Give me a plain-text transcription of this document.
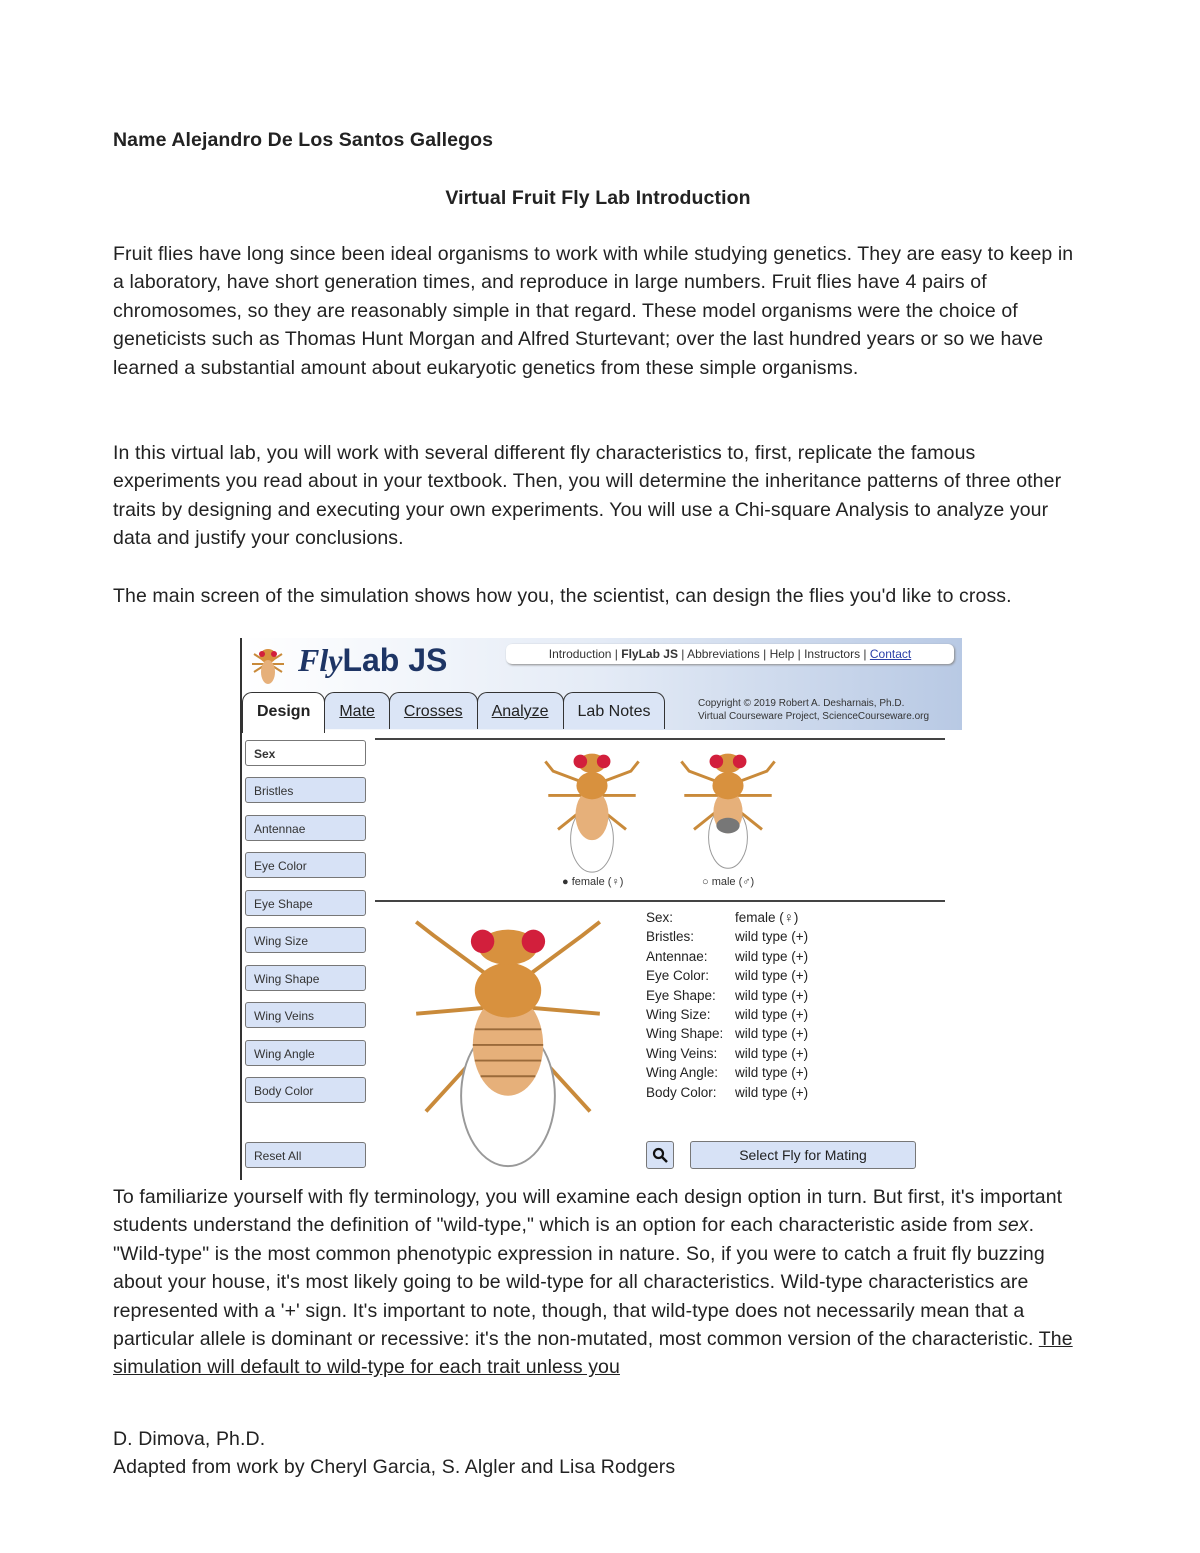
Name Alejandro De Los Santos Gallegos
Virtual Fruit Fly Lab Introduction
Fruit flies have long since been ideal organisms to work with while studying genetics. They are easy to keep in a laboratory, have short generation times, and reproduce in large numbers. Fruit flies have 4 pairs of chromosomes, so they are reasonably simple in that regard. These model organisms were the choice of geneticists such as Thomas Hunt Morgan and Alfred Sturtevant; over the last hundred years or so we have learned a substantial amount about eukaryotic genetics from these simple organisms.
In this virtual lab, you will work with several different fly characteristics to, first, replicate the famous experiments you read about in your textbook. Then, you will determine the inheritance patterns of three other traits by designing and executing your own experiments. You will use a Chi-square Analysis to analyze your data and justify your conclusions.
The main screen of the simulation shows how you, the scientist, can design the flies you'd like to cross.
FlyLab JS	Introduction | FlyLab JS | Abbreviations | Help | Instructors | Contact
Design	Mate	Crosses	Analyze	Lab Notes	Copyright © 2019 Robert A. Desharnais, Ph.D.
Virtual Courseware Project, ScienceCourseware.org
Sex
Bristles
Antennae
Eye Color
Eye Shape
Wing Size
Wing Shape
Wing Veins
Wing Angle
Body Color
Reset All
● female (♀)	○ male (♂)
Sex:	female (♀)
Bristles:	wild type (+)
Antennae:	wild type (+)
Eye Color:	wild type (+)
Eye Shape:	wild type (+)
Wing Size:	wild type (+)
Wing Shape: wild type (+)
Wing Veins:	wild type (+)
Wing Angle:	wild type (+)
Body Color:	wild type (+)
Select Fly for Mating
To familiarize yourself with fly terminology, you will examine each design option in turn. But first, it's important students understand the definition of "wild-type," which is an option for each characteristic aside from sex. "Wild-type" is the most common phenotypic expression in nature. So, if you were to catch a fruit fly buzzing about your house, it's most likely going to be wild-type for all characteristics. Wild-type characteristics are represented with a '+' sign. It's important to note, though, that wild-type does not necessarily mean that a particular allele is dominant or recessive: it's the non-mutated, most common version of the characteristic. The simulation will default to wild-type for each trait unless you
D. Dimova, Ph.D.
Adapted from work by Cheryl Garcia, S. Algler and Lisa Rodgers
